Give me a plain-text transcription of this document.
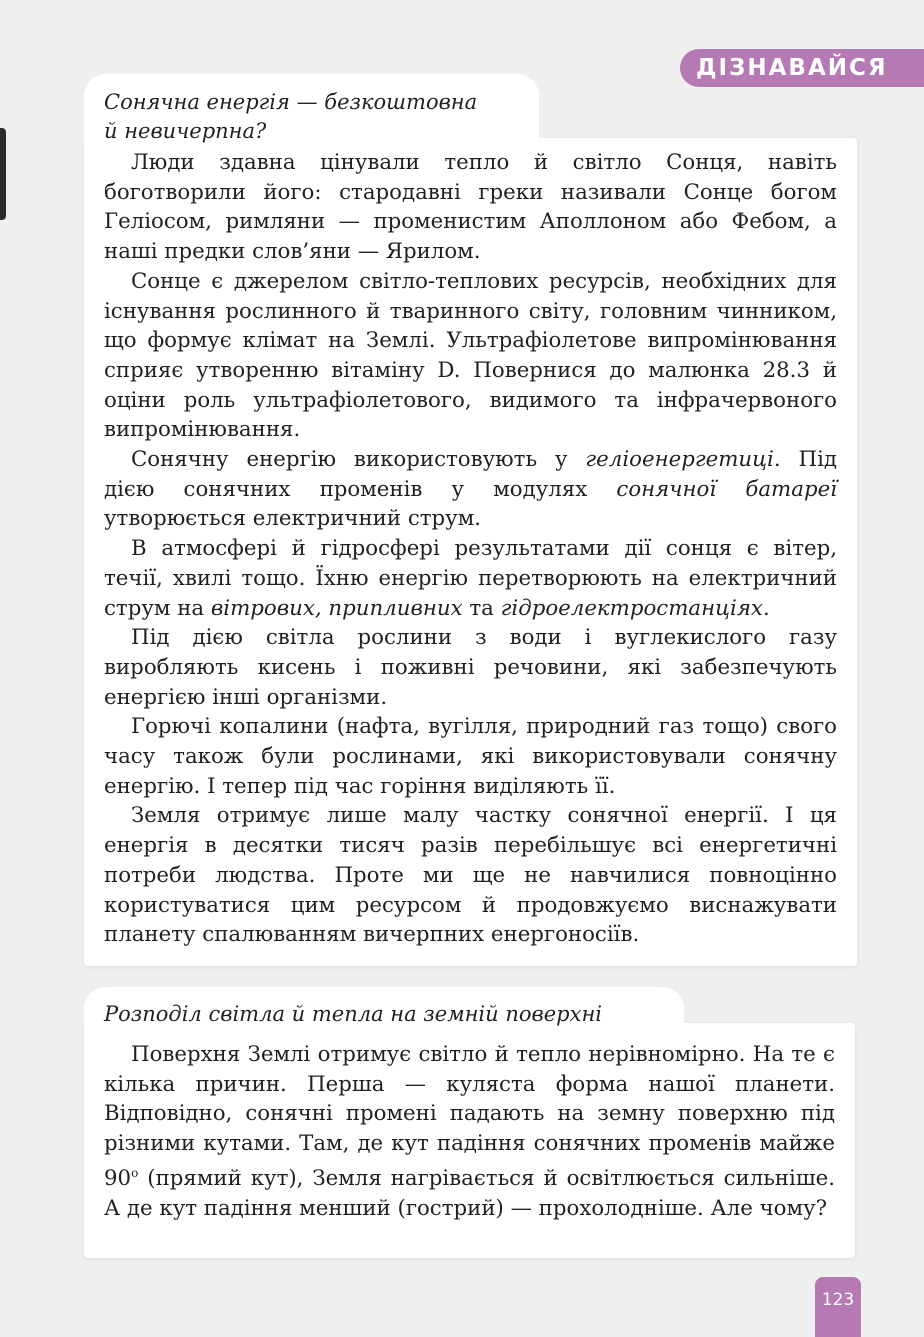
ДІЗНАВАЙСЯ
Сонячна енергія — безкоштовна
й невичерпна?

Люди здавна цінували тепло й світло Сонця, навіть боготворили його: стародавні греки називали Сонце богом Геліосом, римляни — променистим Аполлоном або Фебом, а наші предки слов’яни — Ярилом.

Сонце є джерелом світло-теплових ресурсів, необхідних для існування рослинного й тваринного світу, головним чинником, що формує клімат на Землі. Ультрафіолетове випромінювання сприяє утворенню вітаміну D. Повернися до малюнка 28.3 й оціни роль ультрафіолетового, видимого та інфрачервоного випромінювання.

Сонячну енергію використовують у геліоенергетиці. Під дією сонячних променів у модулях сонячної батареї утворюється електричний струм.

В атмосфері й гідросфері результатами дії сонця є вітер, течії, хвилі тощо. Їхню енергію перетворюють на електричний струм на вітрових, припливних та гідроелектростанціях.

Під дією світла рослини з води і вуглекислого газу виробляють кисень і поживні речовини, які забезпечують енергією інші організми.

Горючі копалини (нафта, вугілля, природний газ тощо) свого часу також були рослинами, які використовували сонячну енергію. І тепер під час горіння виділяють її.

Земля отримує лише малу частку сонячної енергії. І ця енергія в десятки тисяч разів перебільшує всі енергетичні потреби людства. Проте ми ще не навчилися повноцінно користуватися цим ресурсом й продовжуємо виснажувати планету спалюванням вичерпних енергоносіїв.

Розподіл світла й тепла на земній поверхні

Поверхня Землі отримує світло й тепло нерівномірно. На те є кілька причин. Перша — куляста форма нашої планети. Відповідно, сонячні промені падають на земну поверхню під різними кутами. Там, де кут падіння сонячних променів майже $90^о$ (прямий кут), Земля нагрівається й освітлюється сильніше. А де кут падіння менший (гострий) — прохолодніше. Але чому?

123
